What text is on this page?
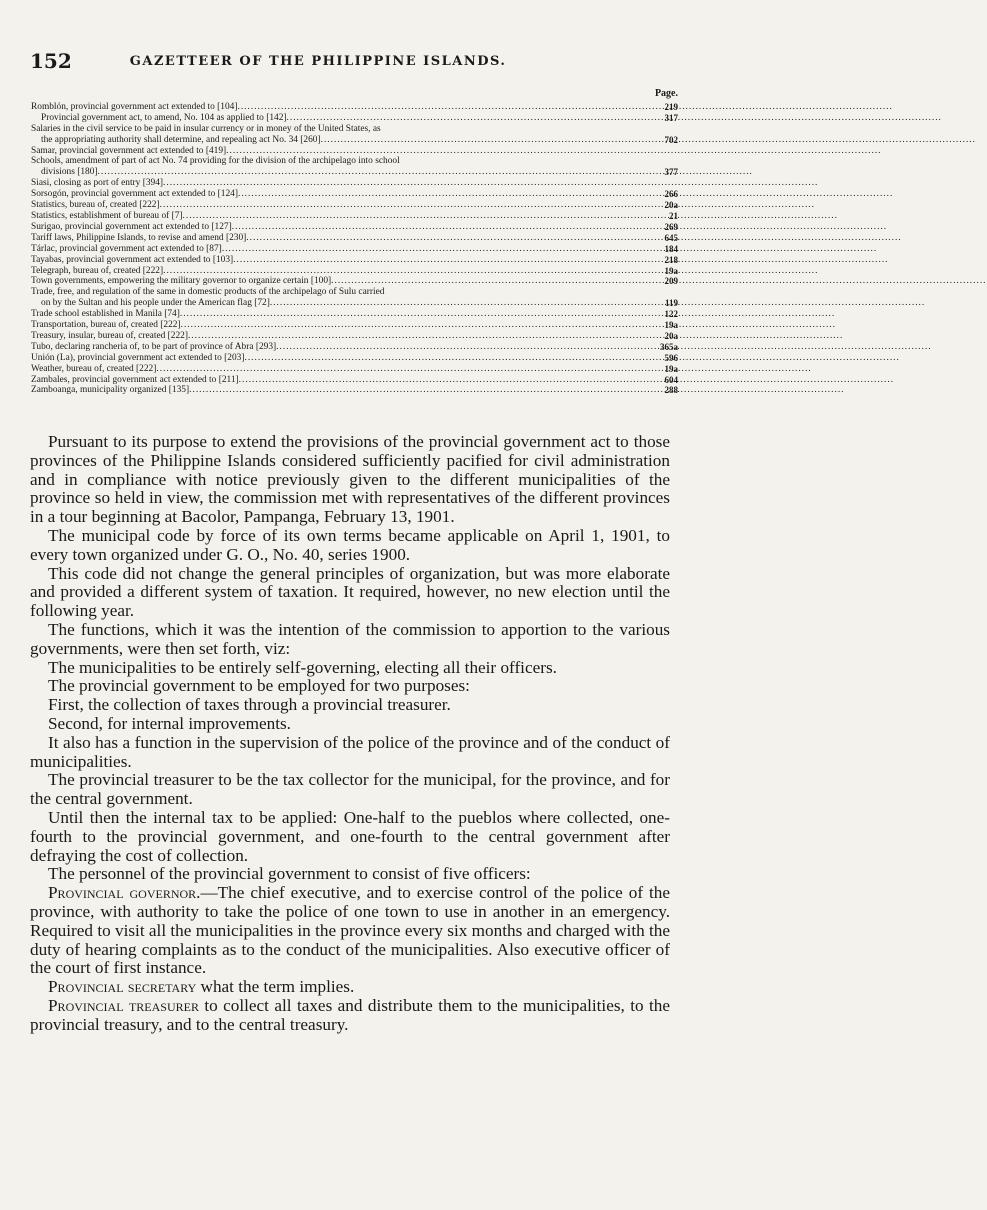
152	GAZETTEER OF THE PHILIPPINE ISLANDS.
Page.
Romblón, provincial government act extended to [104] .....	219
Provincial government act, to amend, No. 104 as applied to [142] .....	317
Salaries in the civil service to be paid in insular currency or in money of the United States, as
the appropriating authority shall determine, and repealing act No. 34 [260] .....	702
Samar, provincial government act extended to [419]
.....
Schools, amendment of part of act No. 74 providing for the division of the archipelago into school
divisions [180] .....	377
Siasi, closing as port of entry [394]
.....
Sorsogón, provincial government act extended to [124] .....	266
Statistics, bureau of, created [222] .....	20a
Statistics, establishment of bureau of [7] .....	21
Surigao, provincial government act extended to [127] .....	269
Tariff laws, Philippine Islands, to revise and amend [230] .....	645
Tárlac, provincial government act extended to [87] .....	184
Tayabas, provincial government act extended to [103] .....	218
Telegraph, bureau of, created [222] .....	19a
Town governments, empowering the military governor to organize certain [100] .....	209
Trade, free, and regulation of the same in domestic products of the archipelago of Sulu carried
on by the Sultan and his people under the American flag [72] .....	119
Trade school established in Manila [74] .....	122
Transportation, bureau of, created [222] .....	19a
Treasury, insular, bureau of, created [222] .....	20a
Tubo, declaring rancheria of, to be part of province of Abra [293] .....	365a
Unión (La), provincial government act extended to [203] .....	596
Weather, bureau of, created [222] .....	19a
Zambales, provincial government act extended to [211] .....	604
Zamboanga, municipality organized [135] .....	288

Pursuant to its purpose to extend the provisions of the provincial government act to those provinces of the Philippine Islands considered sufficiently pacified for civil administration and in compliance with notice previously given to the different municipalities of the province so held in view, the commission met with representatives of the different provinces in a tour beginning at Bacolor, Pampanga, February 13, 1901.

The municipal code by force of its own terms became applicable on April 1, 1901, to every town organized under G. O., No. 40, series 1900.

This code did not change the general principles of organization, but was more elaborate and provided a different system of taxation. It required, however, no new election until the following year.

The functions, which it was the intention of the commission to apportion to the various governments, were then set forth, viz:

The municipalities to be entirely self-governing, electing all their officers.

The provincial government to be employed for two purposes:

First, the collection of taxes through a provincial treasurer.

Second, for internal improvements.

It also has a function in the supervision of the police of the province and of the conduct of municipalities.

The provincial treasurer to be the tax collector for the municipal, for the province, and for the central government.

Until then the internal tax to be applied: One-half to the pueblos where collected, one-fourth to the provincial government, and one-fourth to the central government after defraying the cost of collection.

The personnel of the provincial government to consist of five officers:

Provincial governor.—The chief executive, and to exercise control of the police of the province, with authority to take the police of one town to use in another in an emergency. Required to visit all the municipalities in the province every six months and charged with the duty of hearing complaints as to the conduct of the municipalities. Also executive officer of the court of first instance.

Provincial secretary what the term implies.

Provincial treasurer to collect all taxes and distribute them to the municipalities, to the provincial treasury, and to the central treasury.
